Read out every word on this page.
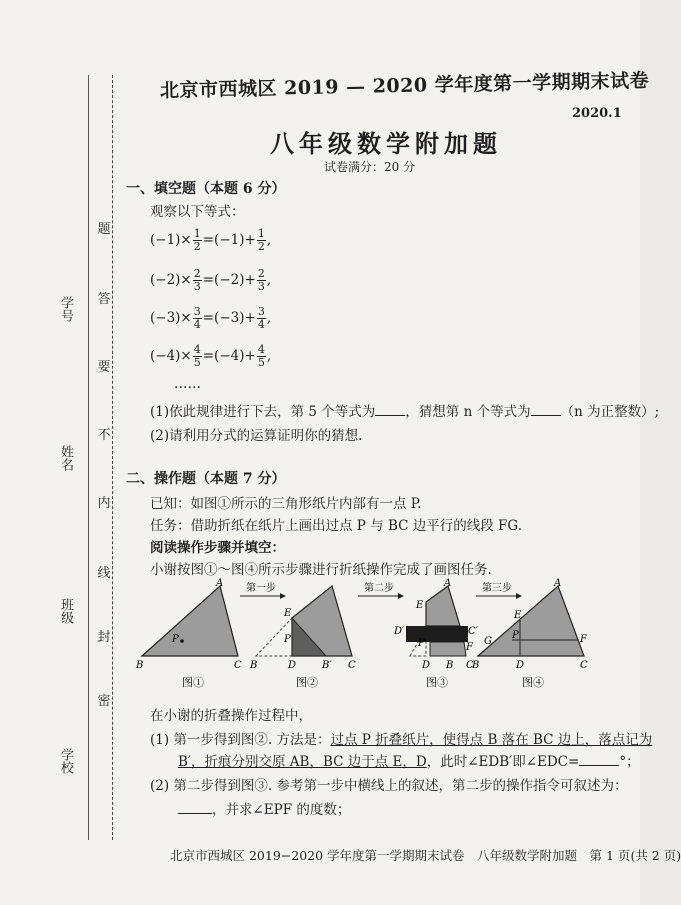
学号
姓名
班级
学校
题
答
要
不
内
线
封
密
北京市西城区 2019 — 2020 学年度第一学期期末试卷
2020.1
八年级数学附加题
试卷满分：20 分
一、填空题（本题 6 分）
观察以下等式：
$(-1)\times \frac{1}{2} =(-1)+ \frac{1}{2}$ ,
$(-2)\times \frac{2}{3} =(-2)+ \frac{2}{3}$ ,
$(-3)\times \frac{3}{4} =(-3)+ \frac{3}{4}$ ,
$(-4)\times \frac{4}{5} =(-4)+ \frac{4}{5}$ ,
……
(1)依此规律进行下去，第 5 个等式为 ，猜想第 n 个等式为 （n 为正整数）;
(2)请利用分式的运算证明你的猜想.
二、操作题（本题 7 分）
已知：如图①所示的三角形纸片内部有一点 P.
任务：借助折纸在纸片上画出过点 P 与 BC 边平行的线段 FG.
阅读操作步骤并填空：
小谢按图①～图④所示步骤进行折纸操作完成了画图任务.
A
B	C
P
第一步
E
P
B	D	B′ C
第二步	A
E
D′	C′
P
D
F
B C
第三步	A
E
G
P	F
B	D	C
图①	图②	图③	图④
在小谢的折叠操作过程中，
(1) 第一步得到图②. 方法是：过点 P 折叠纸片，使得点 B 落在 BC 边上，落点记为
B′，折痕分别交原 AB，BC 边于点 E，D，此时∠EDB′即∠EDC=	°；
(2) 第二步得到图③. 参考第一步中横线上的叙述，第二步的操作指令可叙述为：
，并求∠EPF 的度数；
北京市西城区 2019−2020 学年度第一学期期末试卷　八年级数学附加题　第 1 页(共 2 页)
